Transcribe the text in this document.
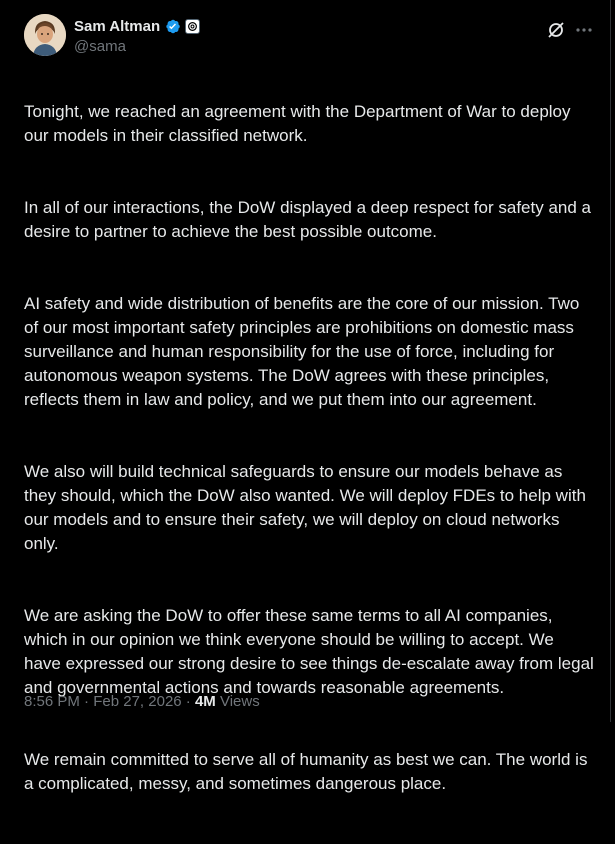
Sam Altman
@sama

Tonight, we reached an agreement with the Department of War to deploy our models in their classified network.

In all of our interactions, the DoW displayed a deep respect for safety and a desire to partner to achieve the best possible outcome.

AI safety and wide distribution of benefits are the core of our mission. Two of our most important safety principles are prohibitions on domestic mass surveillance and human responsibility for the use of force, including for autonomous weapon systems. The DoW agrees with these principles, reflects them in law and policy, and we put them into our agreement.

We also will build technical safeguards to ensure our models behave as they should, which the DoW also wanted. We will deploy FDEs to help with our models and to ensure their safety, we will deploy on cloud networks only.

We are asking the DoW to offer these same terms to all AI companies, which in our opinion we think everyone should be willing to accept. We have expressed our strong desire to see things de-escalate away from legal and governmental actions and towards reasonable agreements.

We remain committed to serve all of humanity as best we can. The world is a complicated, messy, and sometimes dangerous place.

8:56 PM · Feb 27, 2026 · 4M Views
